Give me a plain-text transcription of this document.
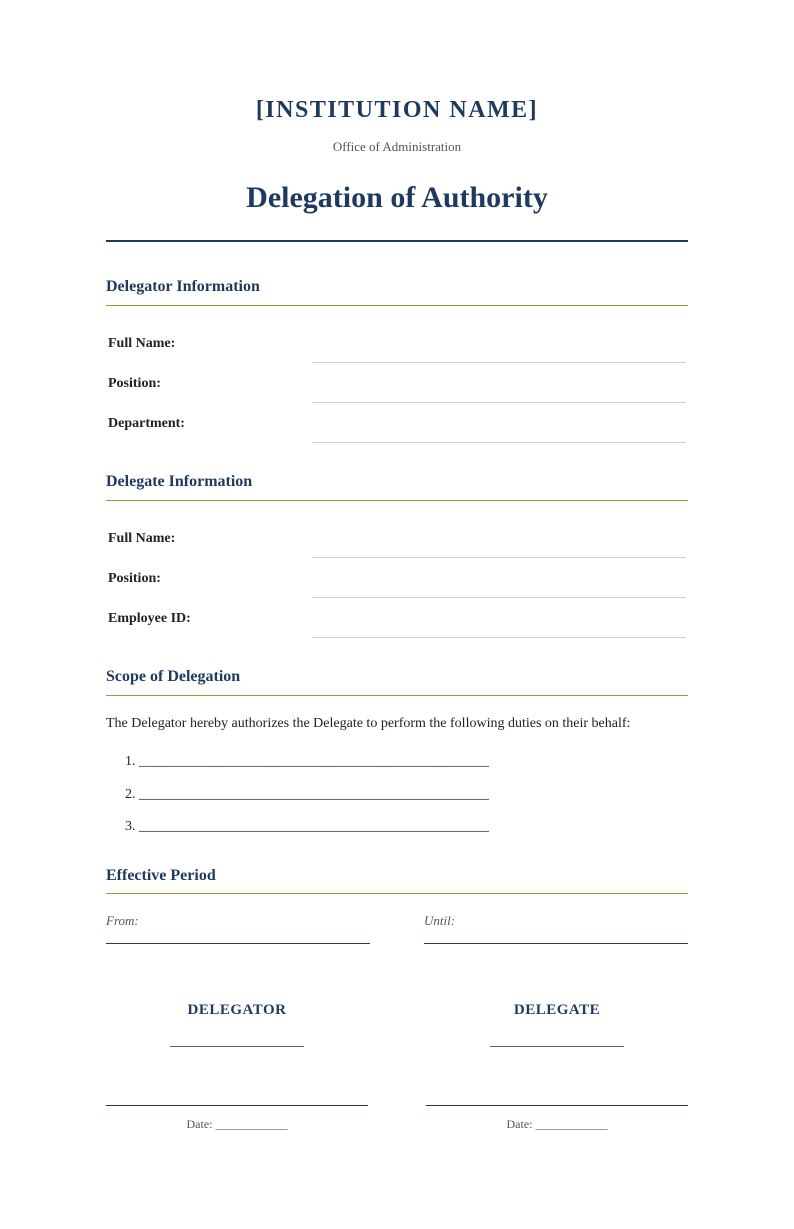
[INSTITUTION NAME]
Office of Administration
Delegation of Authority
Delegator Information
Full Name:
Position:
Department:
Delegate Information
Full Name:
Position:
Employee ID:
Scope of Delegation
The Delegator hereby authorizes the Delegate to perform the following duties on their behalf:
1. __________________________________________________
2. __________________________________________________
3. __________________________________________________
Effective Period
From:	Until:
DELEGATOR
Date: ____________
DELEGATE
Date: ____________
